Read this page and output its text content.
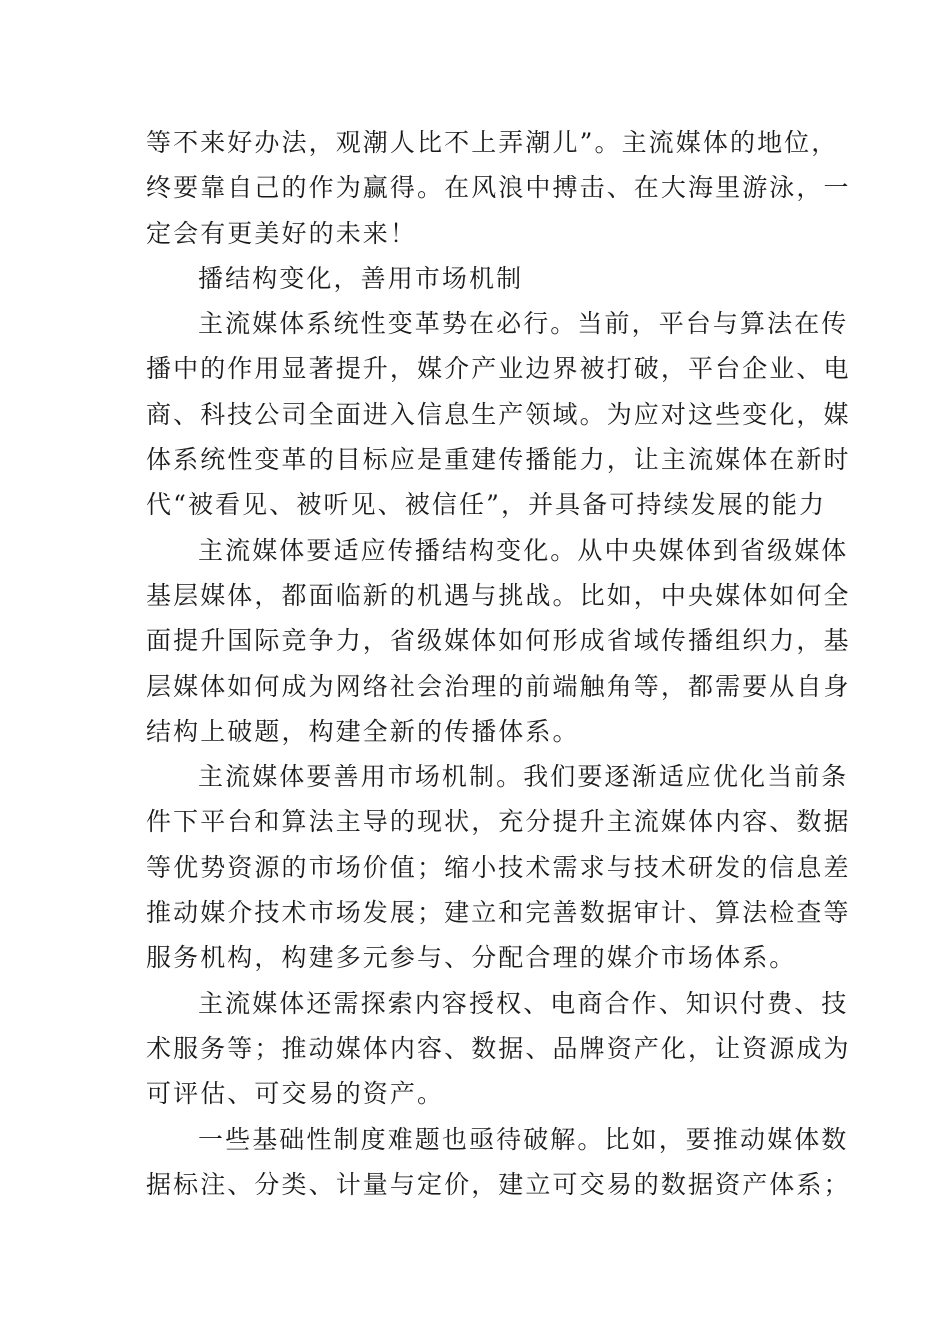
等不来好办法，观潮人比不上弄潮儿”。主流媒体的地位，
终要靠自己的作为赢得。在风浪中搏击、在大海里游泳，一
定会有更美好的未来！
播结构变化，善用市场机制
主流媒体系统性变革势在必行。当前，平台与算法在传
播中的作用显著提升，媒介产业边界被打破，平台企业、电
商、科技公司全面进入信息生产领域。为应对这些变化，媒
体系统性变革的目标应是重建传播能力，让主流媒体在新时
代“被看见、被听见、被信任”，并具备可持续发展的能力
主流媒体要适应传播结构变化。从中央媒体到省级媒体
基层媒体，都面临新的机遇与挑战。比如，中央媒体如何全
面提升国际竞争力，省级媒体如何形成省域传播组织力，基
层媒体如何成为网络社会治理的前端触角等，都需要从自身
结构上破题，构建全新的传播体系。
主流媒体要善用市场机制。我们要逐渐适应优化当前条
件下平台和算法主导的现状，充分提升主流媒体内容、数据
等优势资源的市场价值；缩小技术需求与技术研发的信息差
推动媒介技术市场发展；建立和完善数据审计、算法检查等
服务机构，构建多元参与、分配合理的媒介市场体系。
主流媒体还需探索内容授权、电商合作、知识付费、技
术服务等；推动媒体内容、数据、品牌资产化，让资源成为
可评估、可交易的资产。
一些基础性制度难题也亟待破解。比如，要推动媒体数
据标注、分类、计量与定价，建立可交易的数据资产体系；
